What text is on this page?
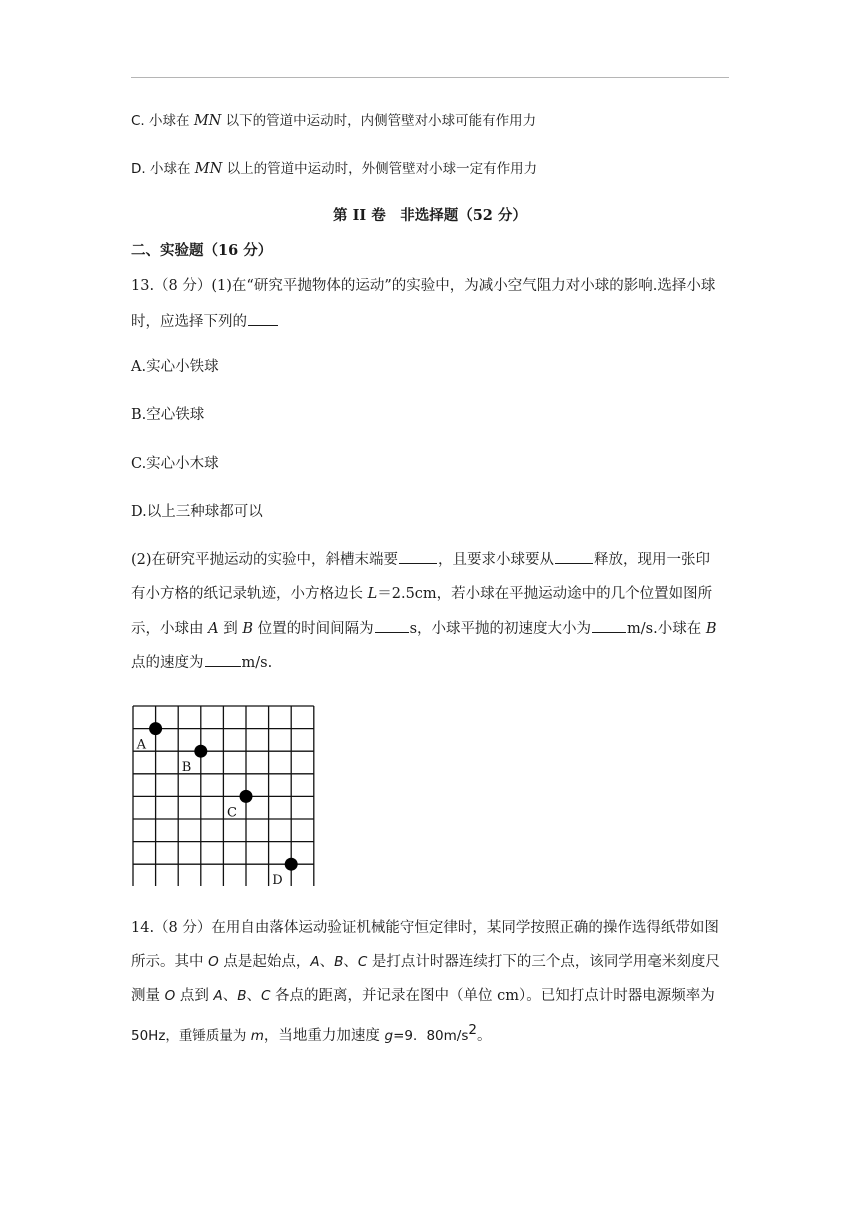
C. 小球在 MN 以下的管道中运动时，内侧管壁对小球可能有作用力
D. 小球在 MN 以上的管道中运动时，外侧管壁对小球一定有作用力
第 II 卷　非选择题（52 分）
二、实验题（16 分）
13.（8 分）(1)在“研究平抛物体的运动”的实验中，为减小空气阻力对小球的影响.选择小球
时，应选择下列的
A.实心小铁球
B.空心铁球
C.实心小木球
D.以上三种球都可以
(2)在研究平抛运动的实验中，斜槽末端要	，且要求小球要从	释放，现用一张印
有小方格的纸记录轨迹，小方格边长 L＝2.5cm，若小球在平抛运动途中的几个位置如图所
示，小球由 A 到 B 位置的时间间隔为 s，小球平抛的初速度大小为 m/s.小球在 B
点的速度为	m/s.
A
B
C
D
14.（8 分）在用自由落体运动验证机械能守恒定律时，某同学按照正确的操作选得纸带如图
所示。其中 O 点是起始点，A、B、C 是打点计时器连续打下的三个点，该同学用毫米刻度尺
测量 O 点到 A、B、C 各点的距离，并记录在图中（单位 cm）。已知打点计时器电源频率为
50Hz，重锤质量为 m，当地重力加速度 g=9．$80m/s^2$。
